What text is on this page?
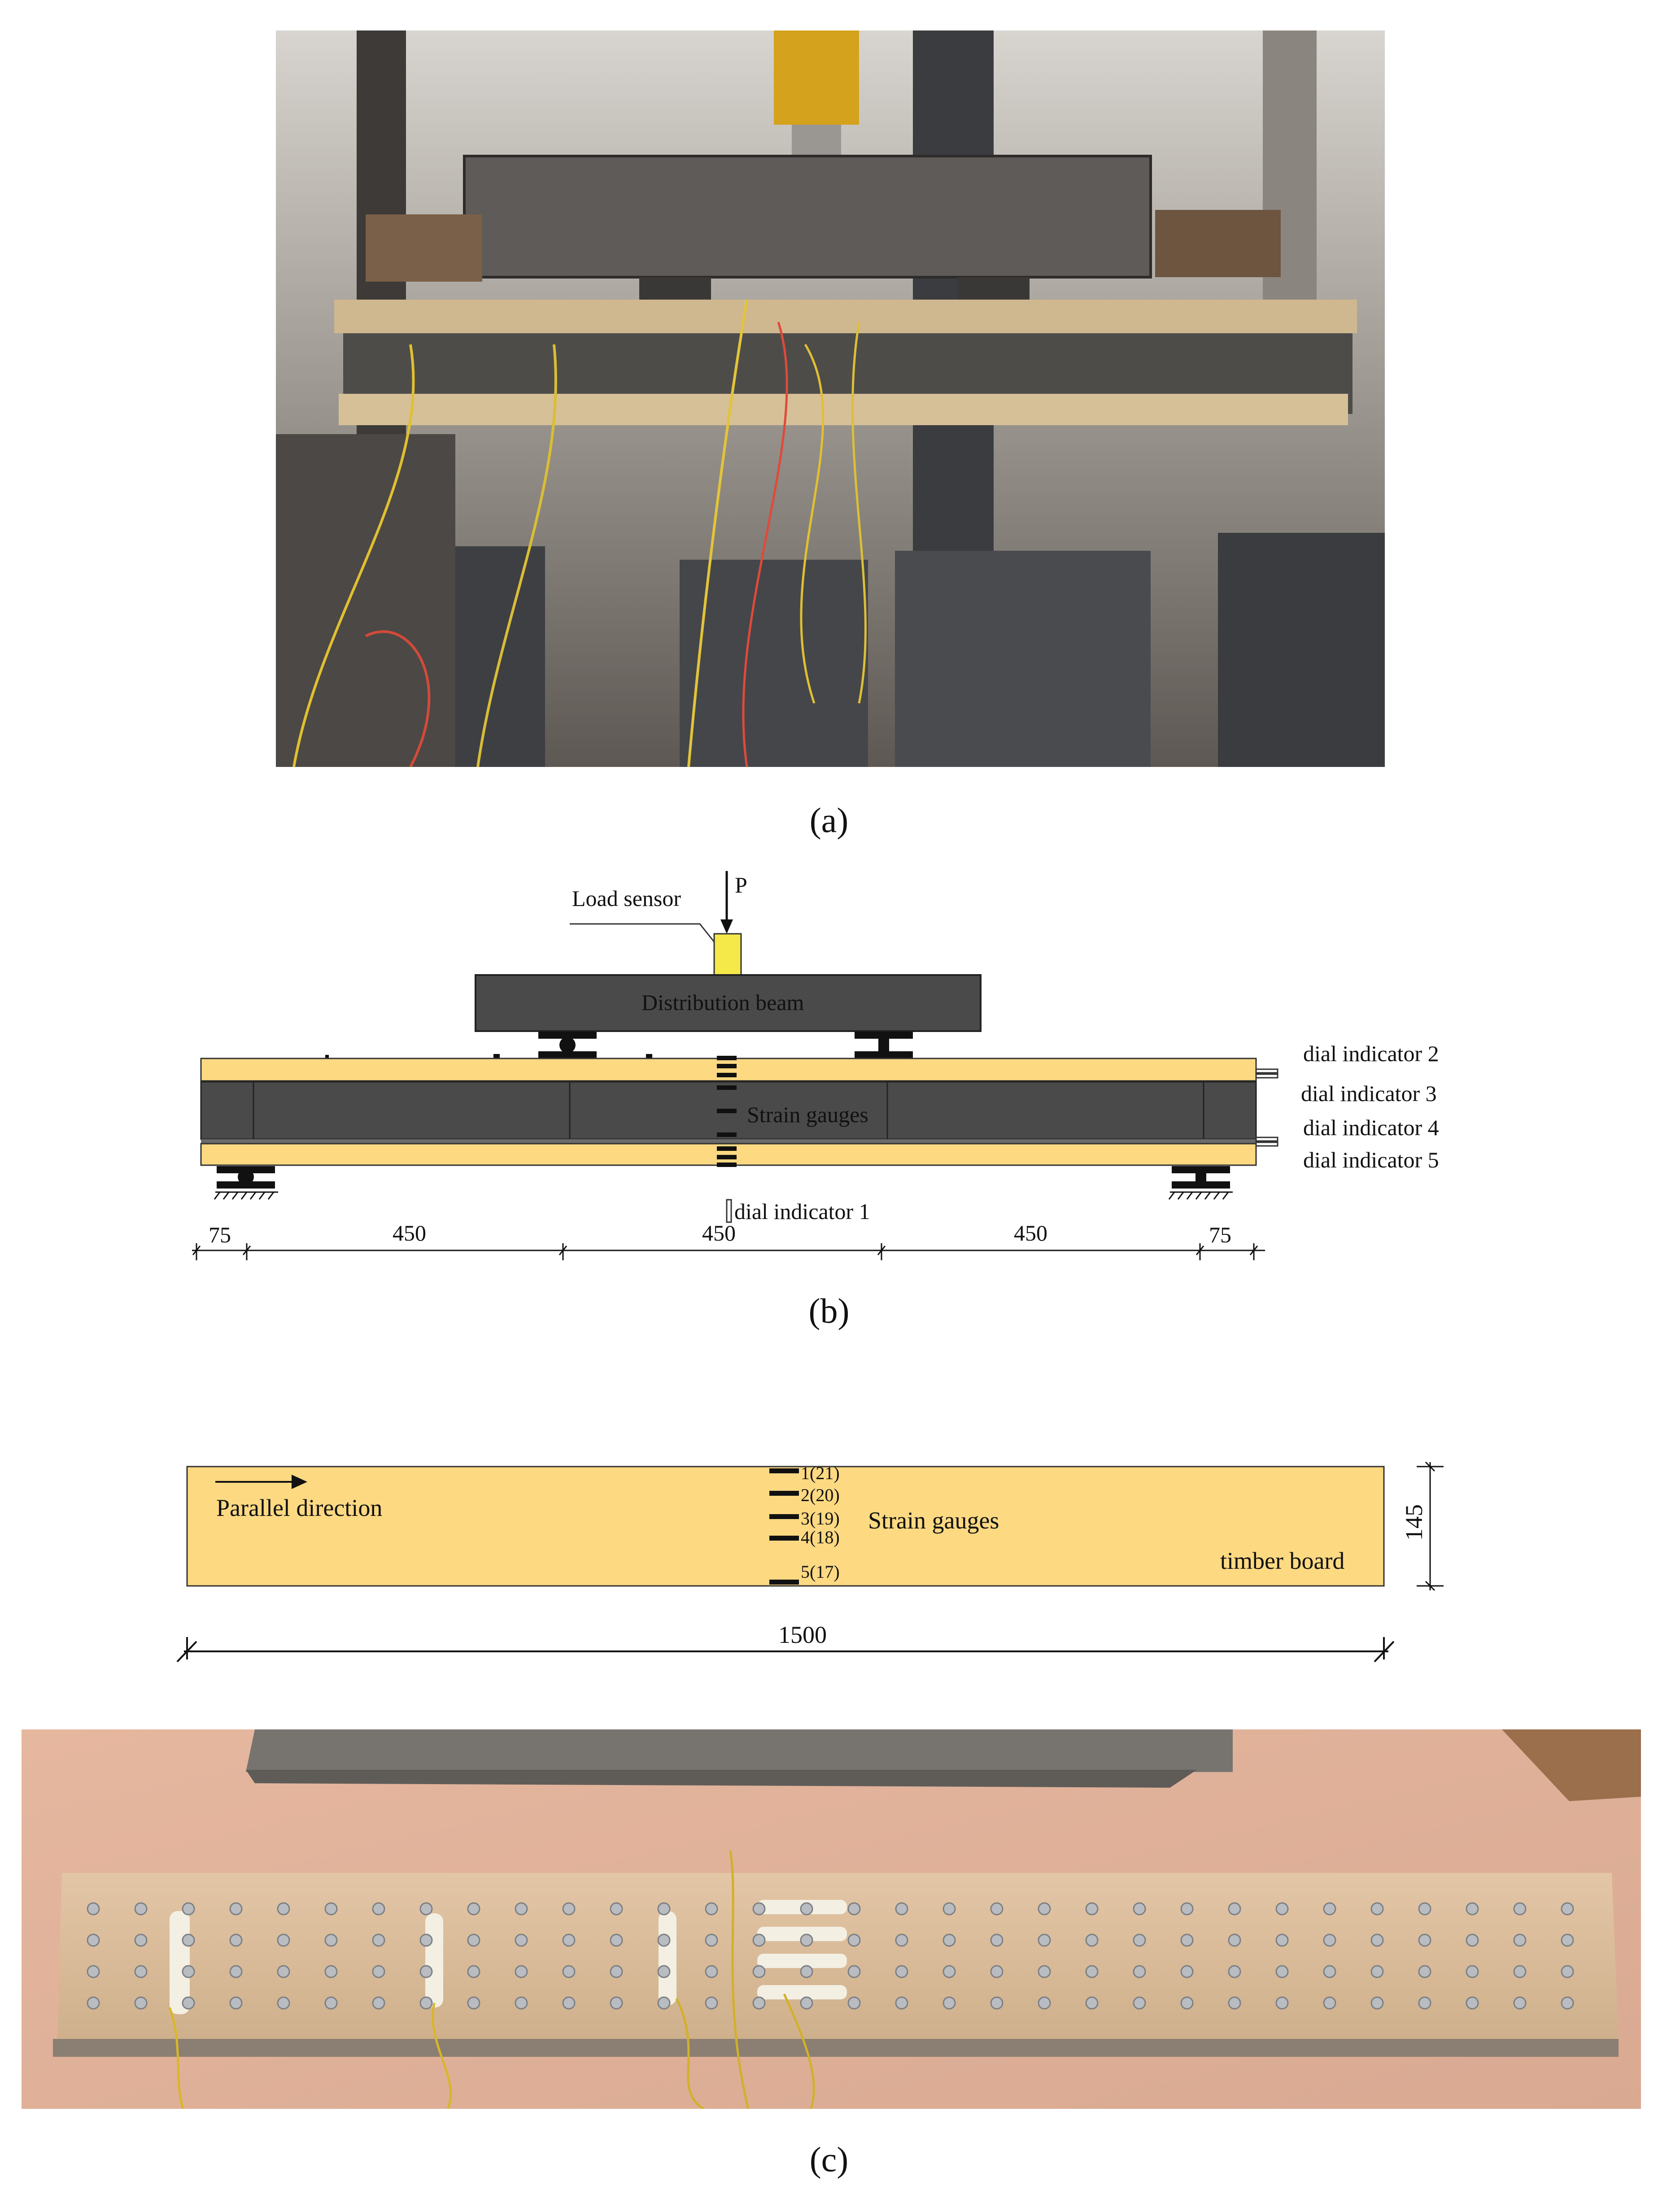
(a)
P
Load sensor
Distribution beam
Strain gauges
dial indicator 1
dial indicator 2
dial indicator 3
dial indicator 4
dial indicator 5
75	450	450	450	75
(b)
Parallel direction
1(21)
2(20)
3(19)
4(18)
5(17)
Strain gauges
timber board
145
1500
(c)
